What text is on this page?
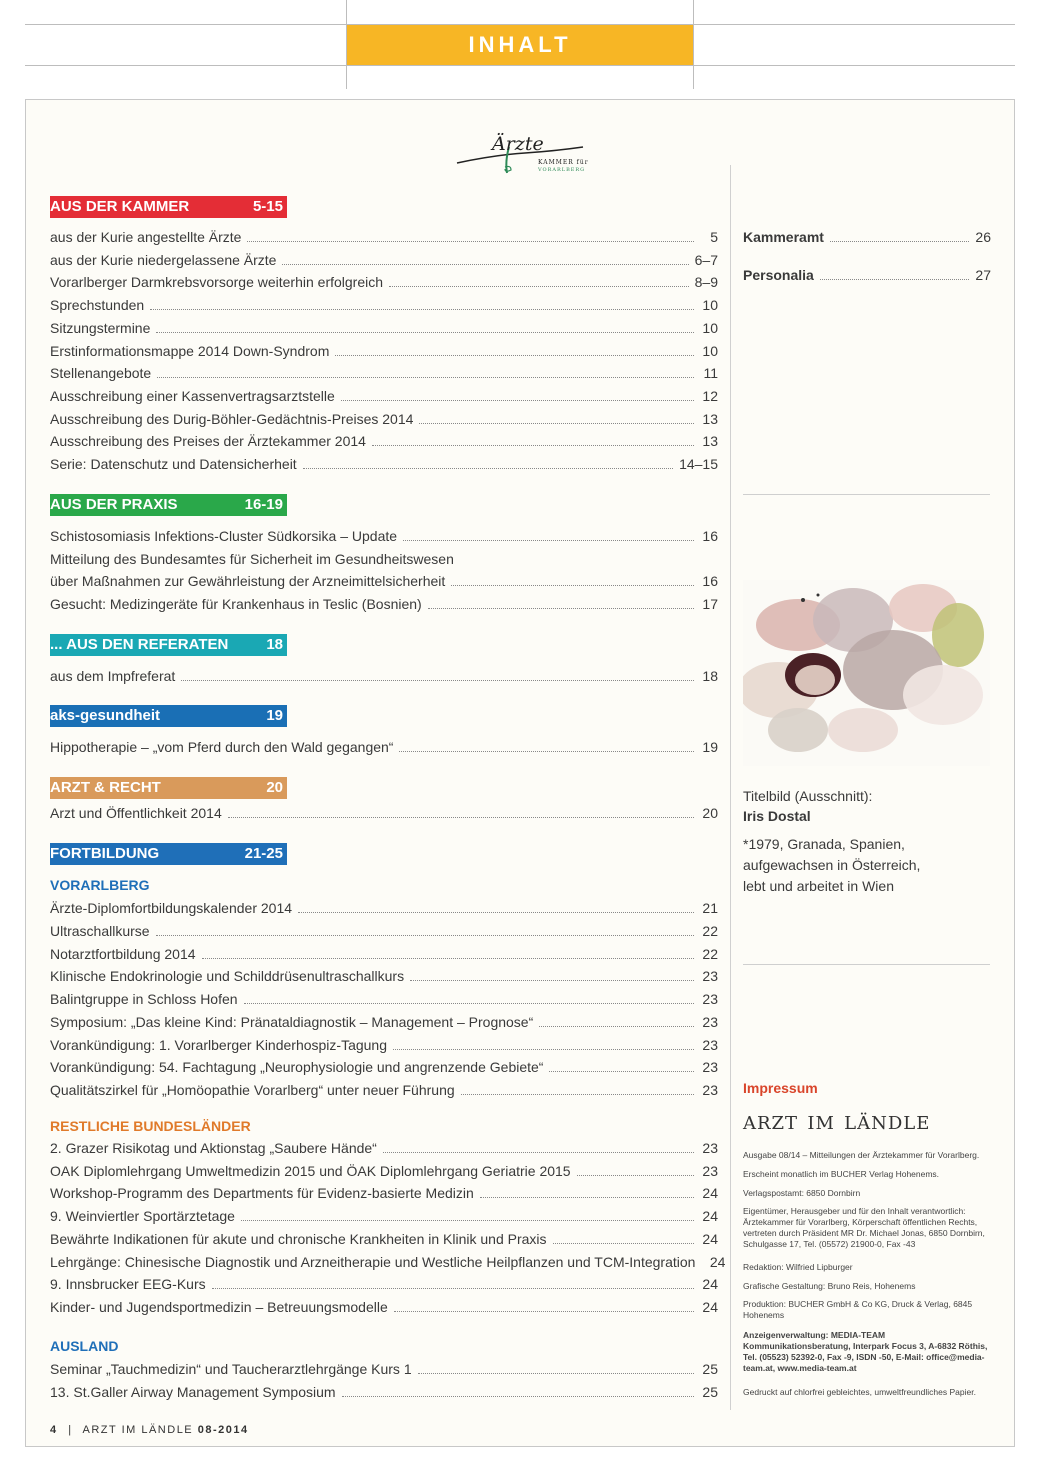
INHALT
Ärzte
KAMMER für
VORARLBERG
AUS DER KAMMER	5-15
aus der Kurie angestellte Ärzte	5
aus der Kurie niedergelassene Ärzte	6–7
Vorarlberger Darmkrebsvorsorge weiterhin erfolgreich	8–9
Sprechstunden	10
Sitzungstermine	10
Erstinformationsmappe 2014 Down-Syndrom	10
Stellenangebote	11
Ausschreibung einer Kassenvertragsarztstelle	12
Ausschreibung des Durig-Böhler-Gedächtnis-Preises 2014	13
Ausschreibung des Preises der Ärztekammer 2014	13
Serie: Datenschutz und Datensicherheit	14–15
AUS DER PRAXIS	16-19
Schistosomiasis Infektions-Cluster Südkorsika – Update	16
Mitteilung des Bundesamtes für Sicherheit im Gesundheitswesen
über Maßnahmen zur Gewährleistung der Arzneimittelsicherheit	16
Gesucht: Medizingeräte für Krankenhaus in Teslic (Bosnien)	17
... AUS DEN REFERATEN	18
aus dem Impfreferat	18
aks-gesundheit	19
Hippotherapie – „vom Pferd durch den Wald gegangen“	19
ARZT & RECHT	20
Arzt und Öffentlichkeit 2014	20
FORTBILDUNG	21-25
VORARLBERG
Ärzte-Diplomfortbildungskalender 2014	21
Ultraschallkurse	22
Notarztfortbildung 2014	22
Klinische Endokrinologie und Schilddrüsenultraschallkurs	23
Balintgruppe in Schloss Hofen	23
Symposium: „Das kleine Kind: Pränataldiagnostik – Management – Prognose“	23
Vorankündigung: 1. Vorarlberger Kinderhospiz-Tagung	23
Vorankündigung: 54. Fachtagung „Neurophysiologie und angrenzende Gebiete“	23
Qualitätszirkel für „Homöopathie Vorarlberg“ unter neuer Führung	23
RESTLICHE BUNDESLÄNDER
2. Grazer Risikotag und Aktionstag „Saubere Hände“	23
OAK Diplomlehrgang Umweltmedizin 2015 und ÖAK Diplomlehrgang Geriatrie 2015	23
Workshop-Programm des Departments für Evidenz-basierte Medizin	24
9. Weinviertler Sportärztetage	24
Bewährte Indikationen für akute und chronische Krankheiten in Klinik und Praxis	24
Lehrgänge: Chinesische Diagnostik und Arzneitherapie und Westliche Heilpflanzen und TCM-Integration 24
9. Innsbrucker EEG-Kurs	24
Kinder- und Jugendsportmedizin – Betreuungsmodelle	24
AUSLAND
Seminar „Tauchmedizin“ und Taucherarztlehrgänge Kurs 1	25
13. St.Galler Airway Management Symposium	25
Kammeramt	26
Personalia	27
Titelbild (Ausschnitt):
Iris Dostal
*1979, Granada, Spanien,
aufgewachsen in Österreich,
lebt und arbeitet in Wien
Impressum
arzt im ländle
Ausgabe 08/14 – Mitteilungen der Ärztekammer für Vorarlberg.
Erscheint monatlich im BUCHER Verlag Hohenems.
Verlagspostamt: 6850 Dornbirn
Eigentümer, Herausgeber und für den Inhalt verantwortlich: Ärztekammer für Vorarlberg, Körperschaft öffentlichen Rechts, vertreten durch Präsident MR Dr. Michael Jonas, 6850 Dornbirn, Schulgasse 17, Tel. (05572) 21900-0, Fax -43
Redaktion: Wilfried Lipburger
Grafische Gestaltung: Bruno Reis, Hohenems
Produktion: BUCHER GmbH & Co KG, Druck & Verlag, 6845 Hohenems
Anzeigenverwaltung: MEDIA-TEAM Kommunikationsberatung, Interpark Focus 3, A-6832 Röthis, Tel. (05523) 52392-0, Fax -9, ISDN -50, E-Mail: office@media-team.at, www.media-team.at
Gedruckt auf chlorfrei gebleichtes, umweltfreundliches Papier.
4 | ARZT IM LÄNDLE 08-2014
